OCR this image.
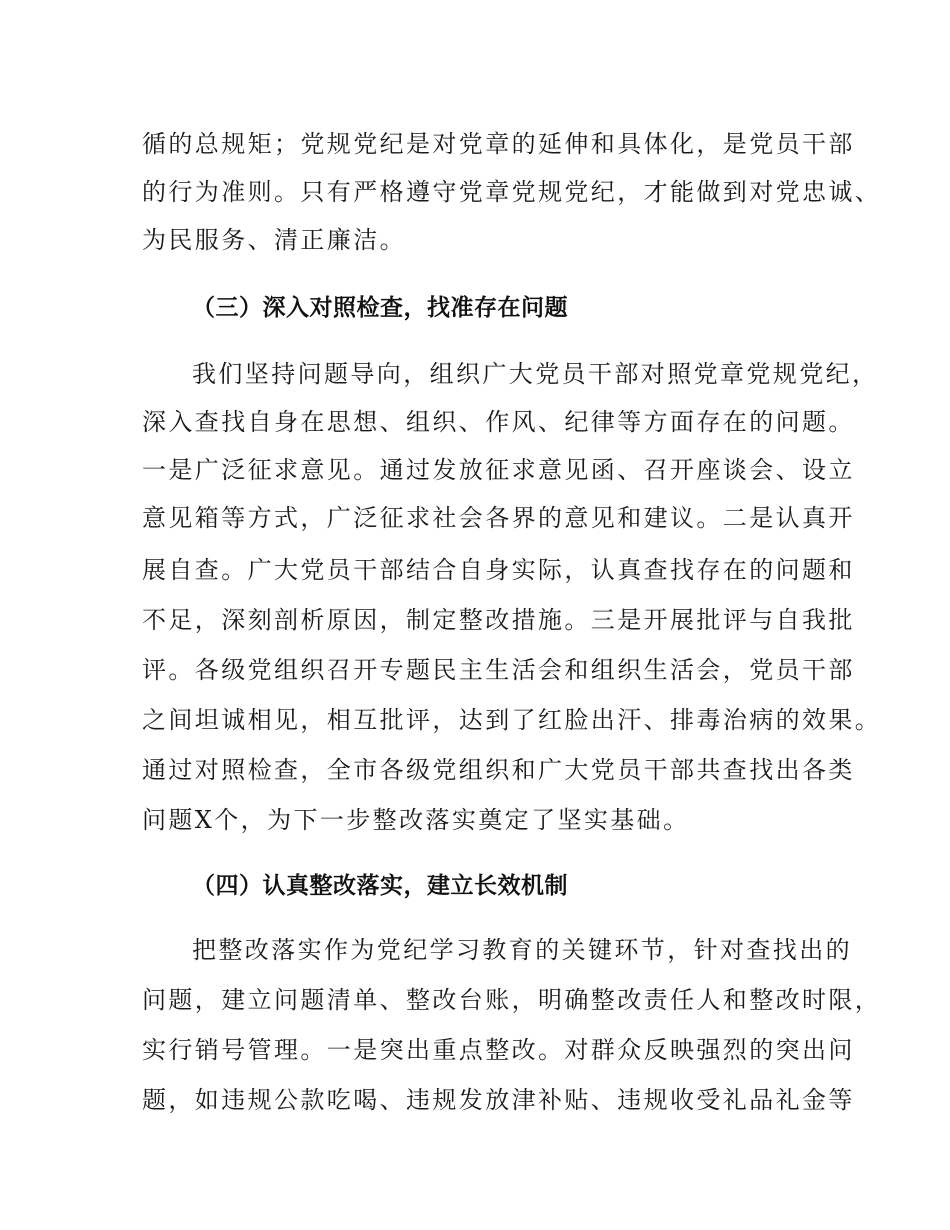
循的总规矩；党规党纪是对党章的延伸和具体化，是党员干部
的行为准则。只有严格遵守党章党规党纪，才能做到对党忠诚、
为民服务、清正廉洁。
（三）深入对照检查，找准存在问题
我们坚持问题导向，组织广大党员干部对照党章党规党纪，
深入查找自身在思想、组织、作风、纪律等方面存在的问题。
一是广泛征求意见。通过发放征求意见函、召开座谈会、设立
意见箱等方式，广泛征求社会各界的意见和建议。二是认真开
展自查。广大党员干部结合自身实际，认真查找存在的问题和
不足，深刻剖析原因，制定整改措施。三是开展批评与自我批
评。各级党组织召开专题民主生活会和组织生活会，党员干部
之间坦诚相见，相互批评，达到了红脸出汗、排毒治病的效果。
通过对照检查，全市各级党组织和广大党员干部共查找出各类
问题X个，为下一步整改落实奠定了坚实基础。
（四）认真整改落实，建立长效机制
把整改落实作为党纪学习教育的关键环节，针对查找出的
问题，建立问题清单、整改台账，明确整改责任人和整改时限，
实行销号管理。一是突出重点整改。对群众反映强烈的突出问
题，如违规公款吃喝、违规发放津补贴、违规收受礼品礼金等
